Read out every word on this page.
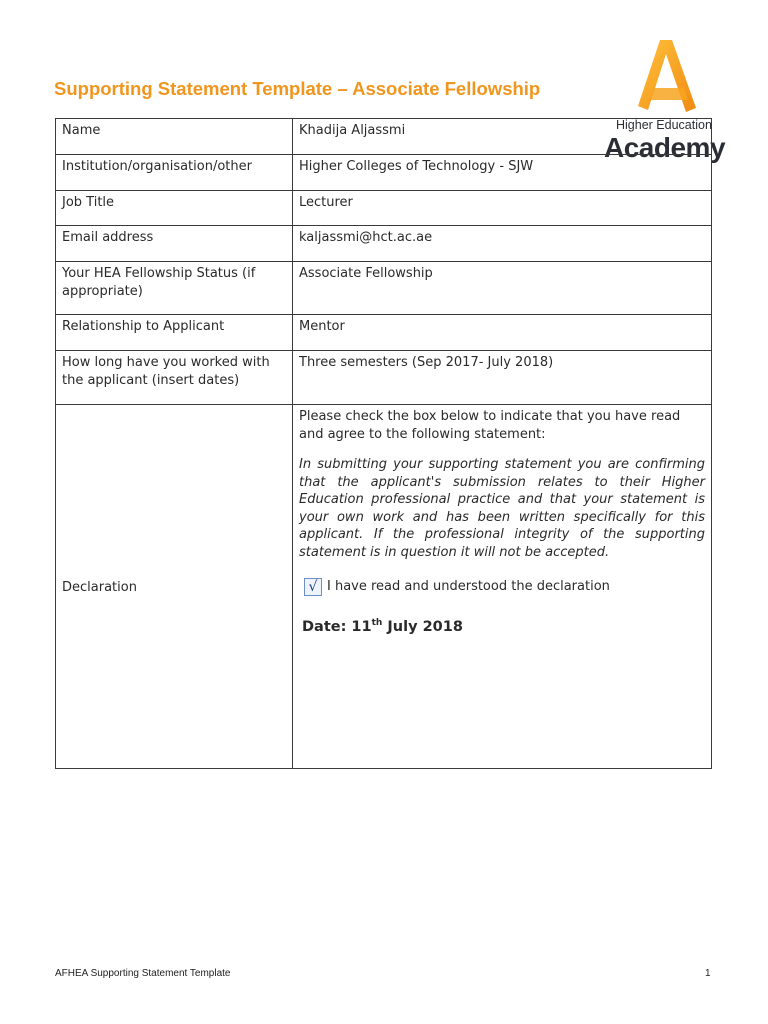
Supporting Statement Template – Associate Fellowship
Higher Education
Academy
Name	Khadija Aljassmi
Institution/organisation/other	Higher Colleges of Technology - SJW
Job Title	Lecturer
Email address	kaljassmi@hct.ac.ae
Your HEA Fellowship Status (if appropriate)	Associate Fellowship
Relationship to Applicant	Mentor
How long have you worked with the applicant (insert dates)	Three semesters (Sep 2017- July 2018)
Declaration	Please check the box below to indicate that you have read and agree to the following statement:

In submitting your supporting statement you are confirming that the applicant's submission relates to their Higher Education professional practice and that your statement is your own work and has been written specifically for this applicant. If the professional integrity of the supporting statement is in question it will not be accepted.

√ I have read and understood the declaration
Date: 11th July 2018
AFHEA Supporting Statement Template	1
